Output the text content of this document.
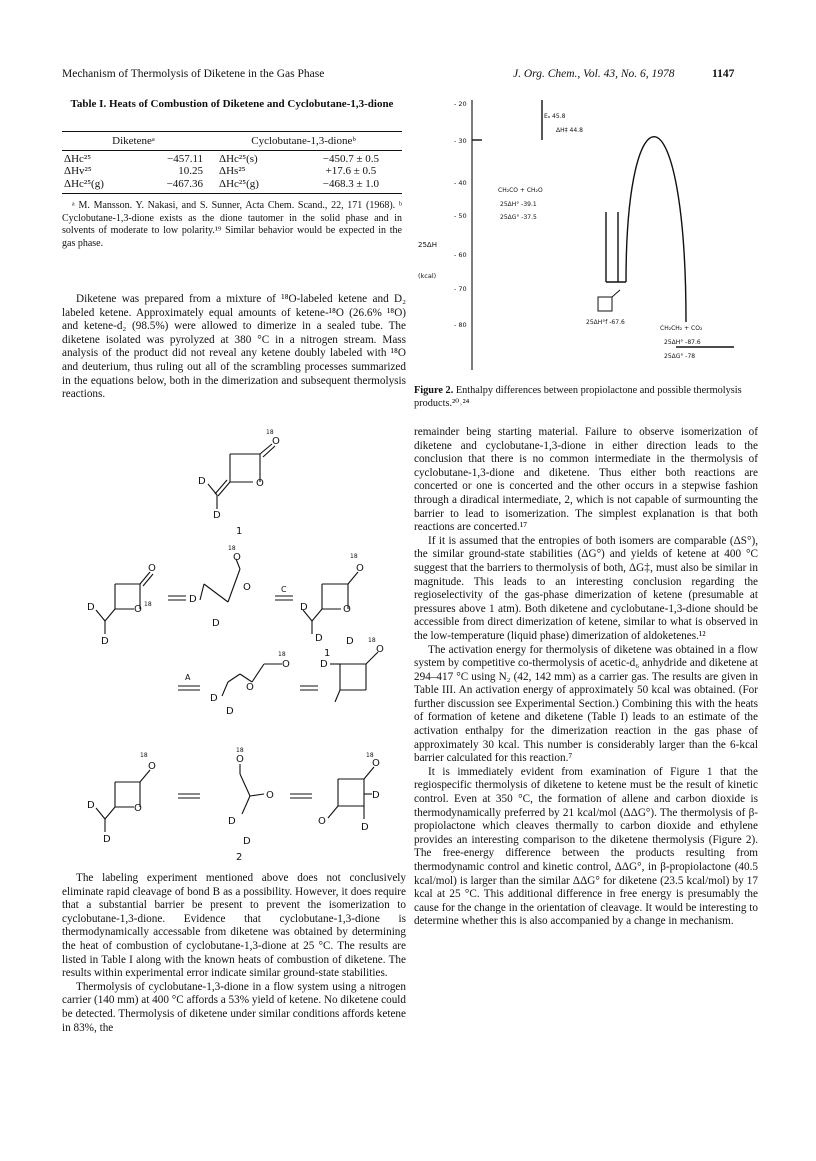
Mechanism of Thermolysis of Diketene in the Gas Phase	J. Org. Chem., Vol. 43, No. 6, 1978	1147
Table I. Heats of Combustion of Diketene and Cyclobutane-1,3-dione
Diketeneᵃ		Cyclobutane-1,3-dioneᵇ	

ΔHc²⁵	−457.11	ΔHc²⁵(s)	−450.7 ± 0.5
ΔHv²⁵	10.25	ΔHs²⁵	+17.6 ± 0.5
ΔHc²⁵(g)	−467.36	ΔHc²⁵(g)	−468.3 ± 1.0

ᵃ M. Mansson. Y. Nakasi, and S. Sunner, Acta Chem. Scand., 22, 171 (1968). ᵇ Cyclobutane-1,3-dione exists as the dione tautomer in the solid phase and in solvents of moderate to low polarity.¹⁹ Similar behavior would be expected in the gas phase.

Diketene was prepared from a mixture of ¹⁸O-labeled ketene and D₂ labeled ketene. Approximately equal amounts of ketene-¹⁸O (26.6% ¹⁸O) and ketene-d₂ (98.5%) were allowed to dimerize in a sealed tube. The diketene isolated was pyrolyzed at 380 °C in a nitrogen stream. Mass analysis of the product did not reveal any ketene doubly labeled with ¹⁸O and deuterium, thus ruling out all of the scrambling processes summarized in the equations below, both in the dimerization and subsequent thermolysis reactions.

18
O
O
D
D
1
O
O 18
D
D
18
O
O
D
D
C
O
18
O
D
D
1
A
O
18
O
D
D
O
18
D
D
O
18
O
D
D
O
18
O
D
D
O
18
O
D
D
2

The labeling experiment mentioned above does not conclusively eliminate rapid cleavage of bond B as a possibility. However, it does require that a substantial barrier be present to prevent the isomerization to cyclobutane-1,3-dione. Evidence that cyclobutane-1,3-dione is thermodynamically accessable from diketene was obtained by determining the heat of combustion of cyclobutane-1,3-dione at 25 °C. The results are listed in Table I along with the known heats of combustion of diketene. The results within experimental error indicate similar ground-state stabilities.

Thermolysis of cyclobutane-1,3-dione in a flow system using a nitrogen carrier (140 mm) at 400 °C affords a 53% yield of ketene. No diketene could be detected. Thermolysis of diketene under similar conditions affords ketene in 83%, the

- 20
- 30
- 40
- 50
- 60
- 70
- 80
25ΔH
(kcal)
Eₐ 45.8
ΔH‡ 44.8
CH₂CO + CH₂O
25ΔH° -39.1
25ΔG° -37.5
25ΔH°f -67.6
CH₂CH₂ + CO₂
25ΔH° -87.6
25ΔG° -78
Figure 2. Enthalpy differences between propiolactone and possible thermolysis products.²⁰˒²⁴

remainder being starting material. Failure to observe isomerization of diketene and cyclobutane-1,3-dione in either direction leads to the conclusion that there is no common intermediate in the thermolysis of cyclobutane-1,3-dione and diketene. Thus either both reactions are concerted or one is concerted and the other occurs in a stepwise fashion through a diradical intermediate, 2, which is not capable of surmounting the barrier to lead to isomerization. The simplest explanation is that both reactions are concerted.¹⁷

If it is assumed that the entropies of both isomers are comparable (ΔS°), the similar ground-state stabilities (ΔG°) and yields of ketene at 400 °C suggest that the barriers to thermolysis of both, ΔG‡, must also be similar in magnitude. This leads to an interesting conclusion regarding the regioselectivity of the gas-phase dimerization of ketene (presumable at pressures above 1 atm). Both diketene and cyclobutane-1,3-dione should be accessible from direct dimerization of ketene, similar to what is observed in the low-temperature (liquid phase) dimerization of aldoketenes.¹²

The activation energy for thermolysis of diketene was obtained in a flow system by competitive co-thermolysis of acetic-d₆ anhydride and diketene at 294–417 °C using N₂ (42, 142 mm) as a carrier gas. The results are given in Table III. An activation energy of approximately 50 kcal was obtained. (For further discussion see Experimental Section.) Combining this with the heats of formation of ketene and diketene (Table I) leads to an estimate of the activation enthalpy for the dimerization reaction in the gas phase of approximately 30 kcal. This number is considerably larger than the 6-kcal barrier calculated for this reaction.⁷

It is immediately evident from examination of Figure 1 that the regiospecific thermolysis of diketene to ketene must be the result of kinetic control. Even at 350 °C, the formation of allene and carbon dioxide is thermodynamically preferred by 21 kcal/mol (ΔΔG°). The thermolysis of β-propiolactone which cleaves thermally to carbon dioxide and ethylene provides an interesting comparison to the diketene thermolysis (Figure 2). The free-energy difference between the products resulting from thermodynamic control and kinetic control, ΔΔG°, in β-propiolactone (40.5 kcal/mol) is larger than the similar ΔΔG° for diketene (23.5 kcal/mol) by 17 kcal at 25 °C. This additional difference in free energy is presumably the cause for the change in the orientation of cleavage. It would be interesting to determine whether this is also accompanied by a change in mechanism.
